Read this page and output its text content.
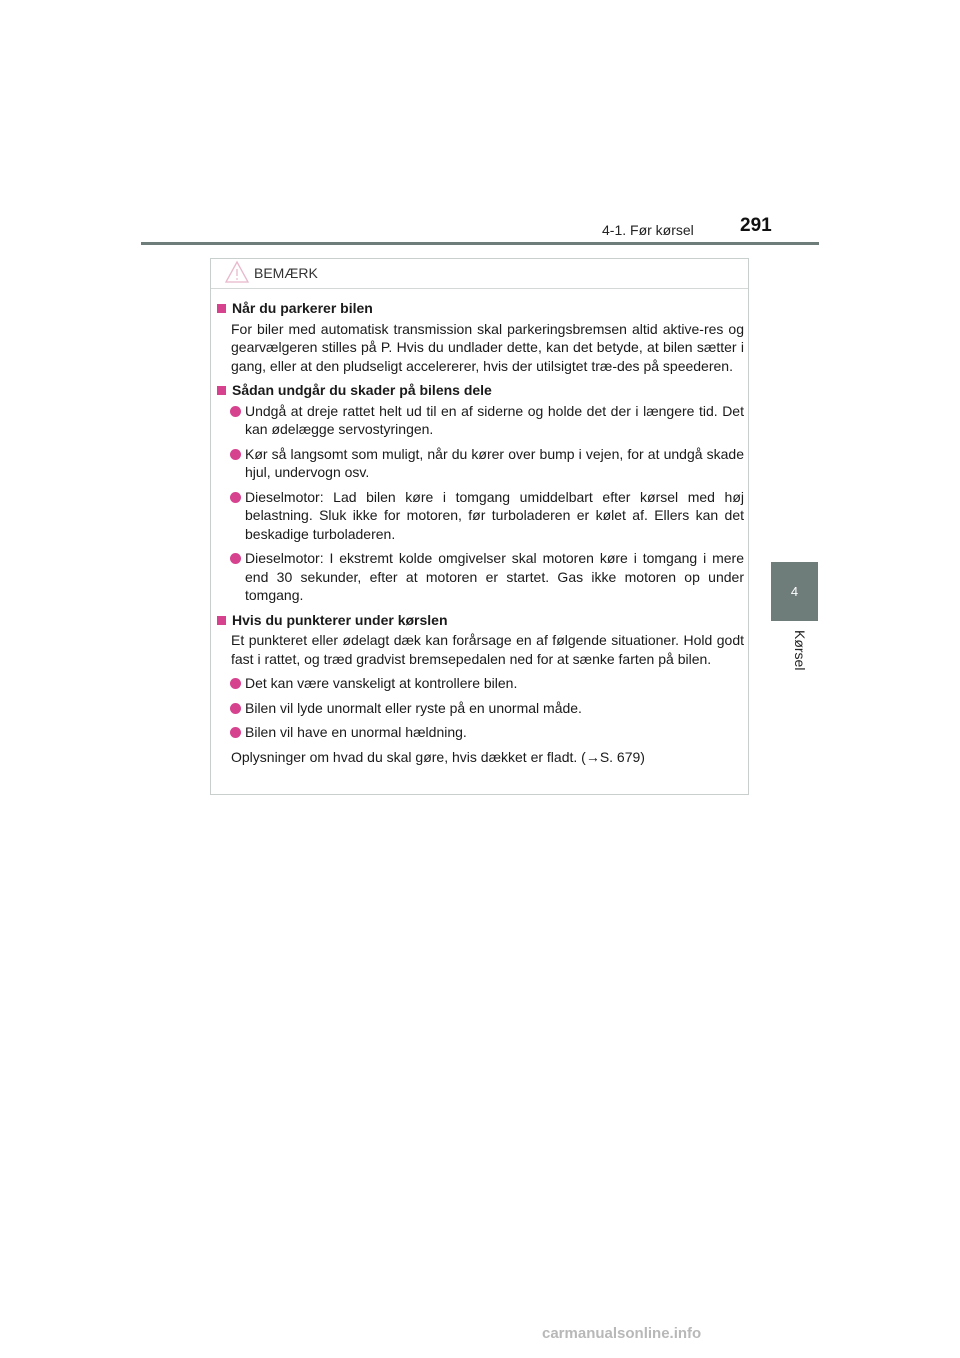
4-1. Før kørsel 291
4
Kørsel
BEMÆRK
Når du parkerer bilen
For biler med automatisk transmission skal parkeringsbremsen altid aktive-res og gearvælgeren stilles på P. Hvis du undlader dette, kan det betyde, at bilen sætter i gang, eller at den pludseligt accelererer, hvis der utilsigtet træ-des på speederen.
Sådan undgår du skader på bilens dele
Undgå at dreje rattet helt ud til en af siderne og holde det der i længere tid. Det kan ødelægge servostyringen.
Kør så langsomt som muligt, når du kører over bump i vejen, for at undgå skade hjul, undervogn osv.
Dieselmotor: Lad bilen køre i tomgang umiddelbart efter kørsel med høj belastning. Sluk ikke for motoren, før turboladeren er kølet af. Ellers kan det beskadige turboladeren.
Dieselmotor: I ekstremt kolde omgivelser skal motoren køre i tomgang i mere end 30 sekunder, efter at motoren er startet. Gas ikke motoren op under tomgang.
Hvis du punkterer under kørslen
Et punkteret eller ødelagt dæk kan forårsage en af følgende situationer. Hold godt fast i rattet, og træd gradvist bremsepedalen ned for at sænke farten på bilen.
Det kan være vanskeligt at kontrollere bilen.
Bilen vil lyde unormalt eller ryste på en unormal måde.
Bilen vil have en unormal hældning.
Oplysninger om hvad du skal gøre, hvis dækket er fladt. (→S. 679)
carmanualsonline.info
